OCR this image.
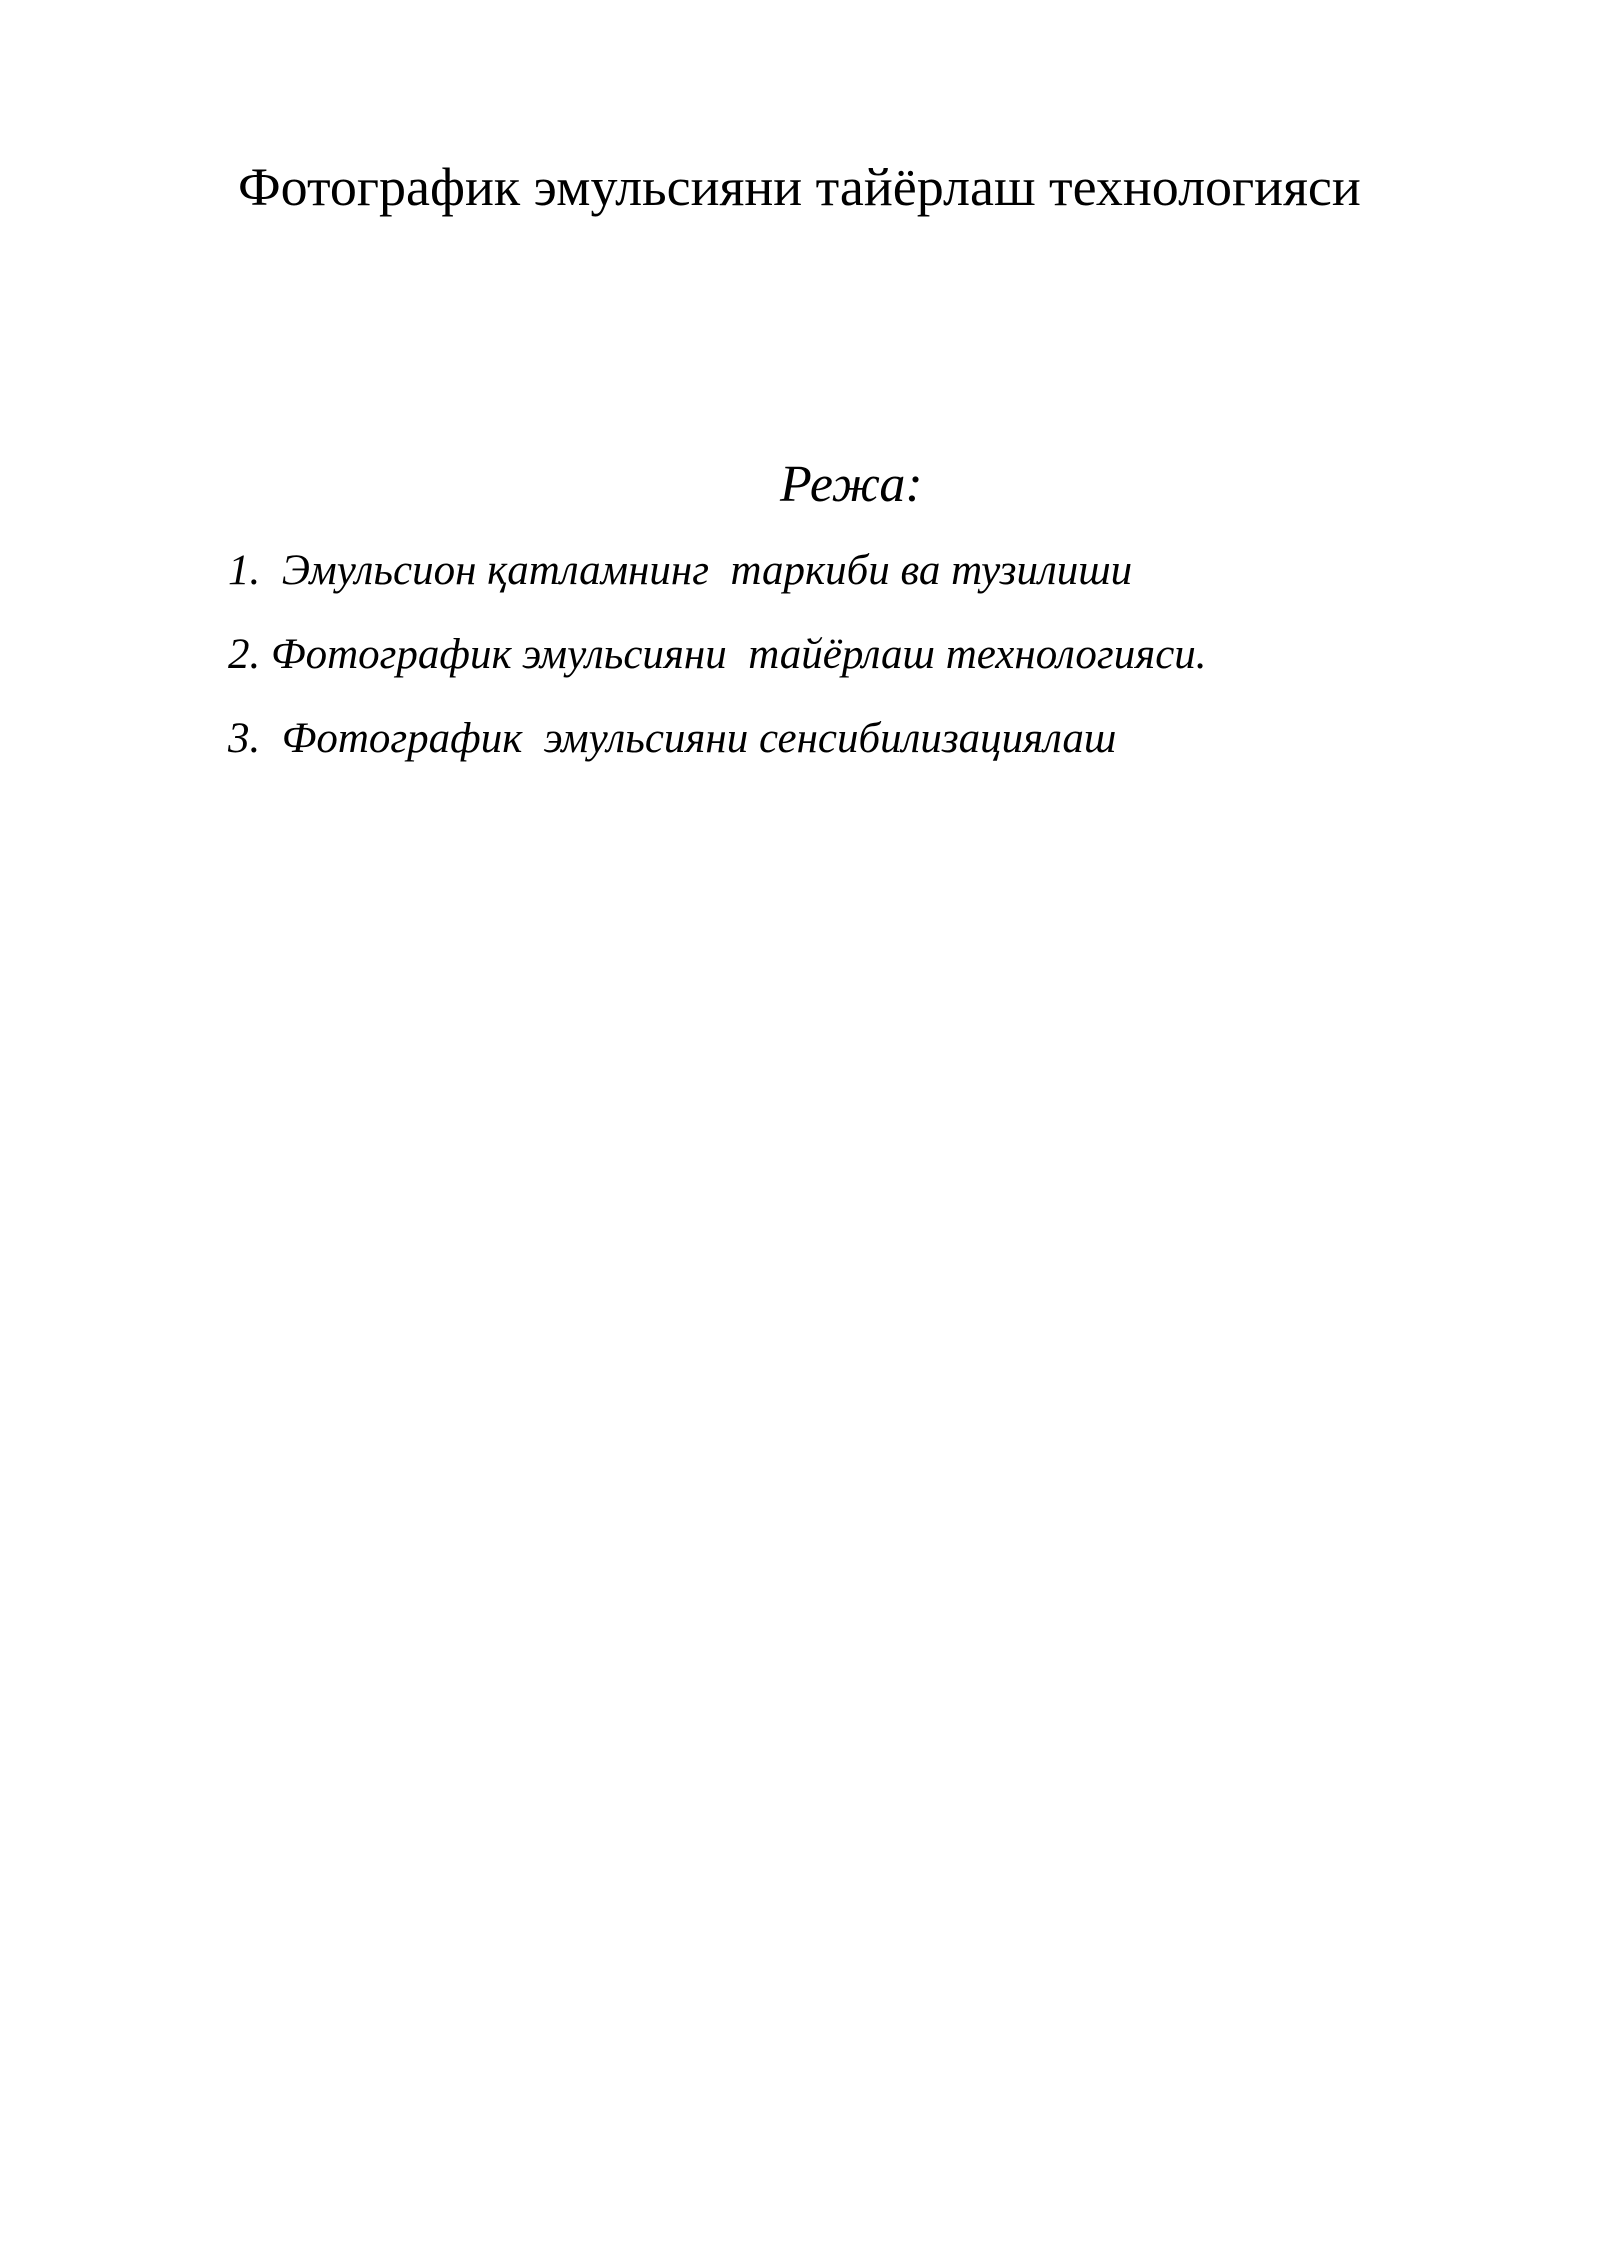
Фотографик эмульсияни тайёрлаш технологияси
Режа:
1.  Эмульсион қатламнинг  таркиби ва тузилиши
2. Фотографик эмульсияни  тайёрлаш технологияси.
3.  Фотографик  эмульсияни сенсибилизациялаш
